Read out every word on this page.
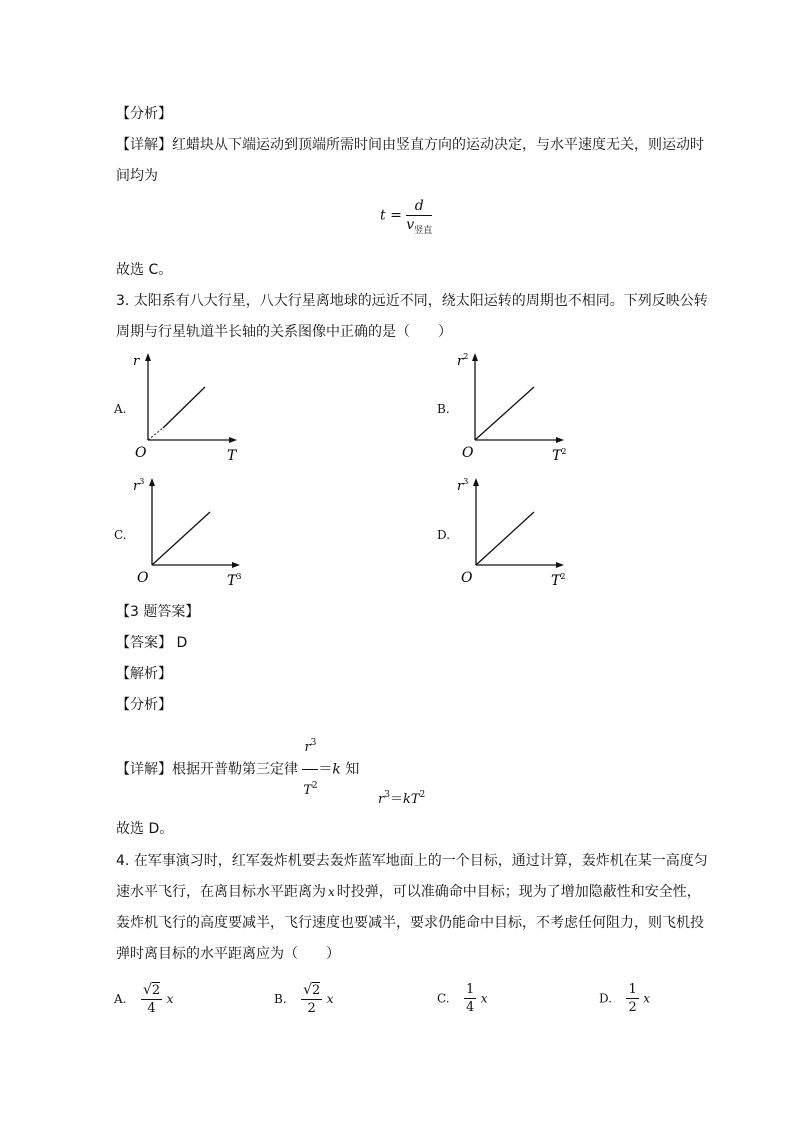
【分析】
【详解】红蜡块从下端运动到顶端所需时间由竖直方向的运动决定，与水平速度无关，则运动时
间均为
$t = \frac{d}{v_{竖直}}$
故选 C。
3. 太阳系有八大行星，八大行星离地球的远近不同，绕太阳运转的周期也不相同。下列反映公转
周期与行星轨道半长轴的关系图像中正确的是（　　）
A.	B.
C.	D.
r
O	T
$r^2$
O	$T^2$
$r^3$
O	$T^3$
$r^3$
O	$T^2$
【3 题答案】
【答案】 D
【解析】
【分析】
【详解】根据开普勒第三定律 $\frac{r^3}{T^2} =k$ 知
$r^3=kT^2$
故选 D。
4. 在军事演习时，红军轰炸机要去轰炸蓝军地面上的一个目标，通过计算，轰炸机在某一高度匀
速水平飞行，在离目标水平距离为 x 时投弹，可以准确命中目标；现为了增加隐蔽性和安全性，
轰炸机飞行的高度要减半，飞行速度也要减半，要求仍能命中目标，不考虑任何阻力，则飞机投
弹时离目标的水平距离应为（　　）
A. $\frac{√2}{4}$ x	B. $\frac{√2}{2}$ x	C. $\frac{1}{4}$ x	D. $\frac{1}{2}$ x
